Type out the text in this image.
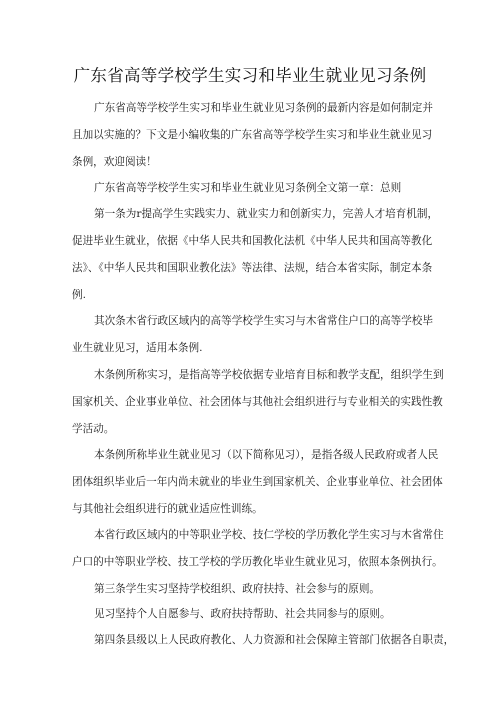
广东省高等学校学生实习和毕业生就业见习条例

广东省高等学校学生实习和毕业生就业见习条例的最新内容是如何制定并
且加以实施的？下文是小编收集的广东省高等学校学生实习和毕业生就业见习
条例，欢迎阅读！

广东省高等学校学生实习和毕业生就业见习条例全文第一章：总则

第一条为r提高学生实践实力、就业实力和创新实力，完善人才培育机制，
促进毕业生就业，依据《中华人民共和国教化法机《中华人民共和国高等教化
法》、《中华人民共和国职业教化法》等法律、法规，结合本省实际，制定本条
例.

其次条木省行政区域内的高等学校学生实习与木省常住户口的高等学校毕
业生就业见习，适用本条例.

木条例所称实习，是指高等学校依据专业培育目标和教学支配，组织学生到
国家机关、企业事业单位、社会团体与其他社会组织进行与专业相关的实践性教
学活动。

本条例所称毕业生就业见习（以下简称见习），是指各级人民政府或者人民
团体组织毕业后一年内尚未就业的毕业生到国家机关、企业事业单位、社会团体
与其他社会组织进行的就业适应性训练。

本省行政区域内的中等职业学校、技仁学校的学历教化学生实习与木省常住
户口的中等职业学校、技工学校的学历教化毕业生就业见习，依照本条例执行。

第三条学生实习坚持学校组织、政府扶持、社会参与的原则。

见习坚持个人自愿参与、政府扶持帮助、社会共同参与的原则。

第四条县级以上人民政府教化、人力资源和社会保障主管部门依据各自职责，
